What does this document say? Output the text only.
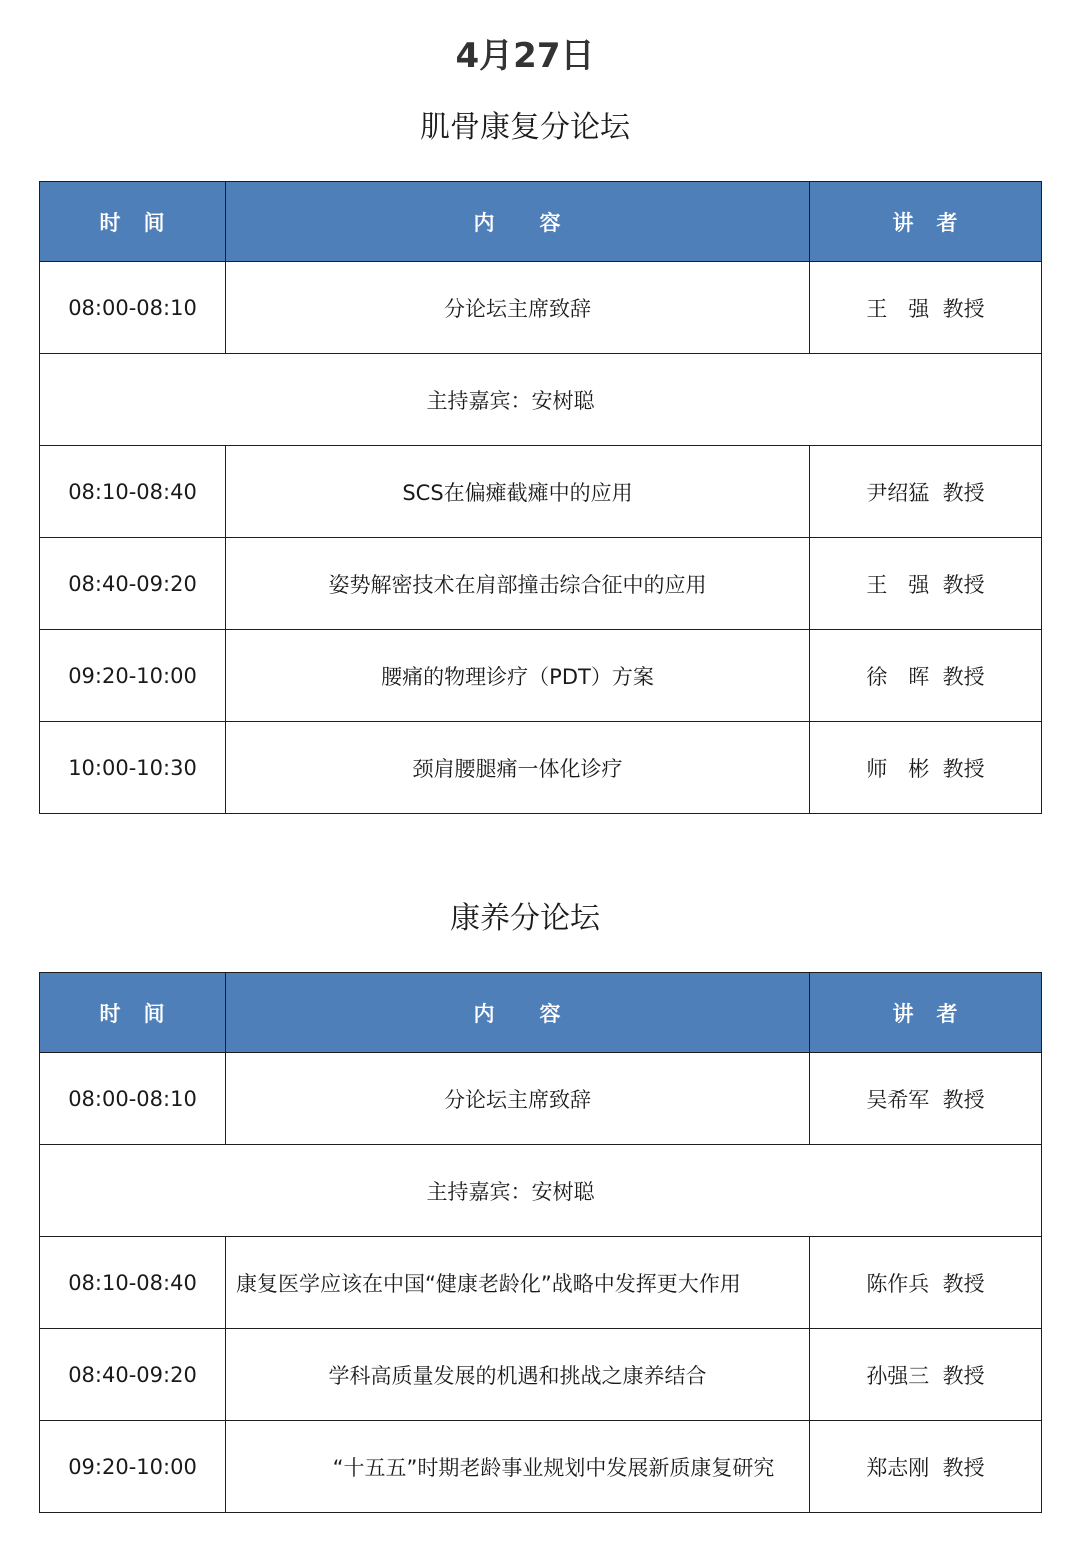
4月27日
肌骨康复分论坛
时　间	内　　容	讲　者
08:00-08:10	分论坛主席致辞	王　强  教授
主持嘉宾：安树聪		
08:10-08:40	SCS在偏瘫截瘫中的应用	尹绍猛  教授
08:40-09:20	姿势解密技术在肩部撞击综合征中的应用	王　强  教授
09:20-10:00	腰痛的物理诊疗（PDT）方案	徐　晖  教授
10:00-10:30	颈肩腰腿痛一体化诊疗	师　彬  教授
康养分论坛
时　间	内　　容	讲　者
08:00-08:10	分论坛主席致辞	吴希军  教授
主持嘉宾：安树聪		
08:10-08:40	康复医学应该在中国“健康老龄化”战略中发挥更大作用	陈作兵  教授
08:40-09:20	学科高质量发展的机遇和挑战之康养结合	孙强三  教授
09:20-10:00	“十五五”时期老龄事业规划中发展新质康复研究	郑志刚  教授
